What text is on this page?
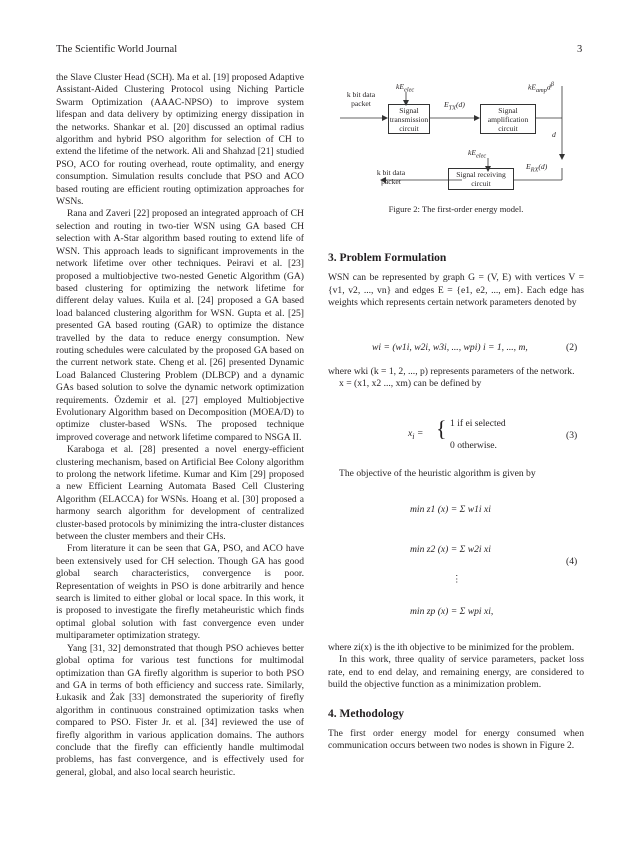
The Scientific World Journal	3

the Slave Cluster Head (SCH). Ma et al. [19] proposed Adaptive Assistant-Aided Clustering Protocol using Niching Particle Swarm Optimization (AAAC-NPSO) to improve system lifespan and data delivery by optimizing energy dissipation in the networks. Shankar et al. [20] discussed an optimal radius algorithm and hybrid PSO algorithm for selection of CH to extend the lifetime of the network. Ali and Shahzad [21] studied PSO, ACO for routing overhead, route optimality, and energy consumption. Simulation results conclude that PSO and ACO based routing are efficient routing optimization approaches for WSNs.

Rana and Zaveri [22] proposed an integrated approach of CH selection and routing in two-tier WSN using GA based CH selection with A-Star algorithm based routing to extend life of WSN. This approach leads to significant improvements in the network lifetime over other techniques. Peiravi et al. [23] proposed a multiobjective two-nested Genetic Algorithm (GA) based clustering for optimizing the network lifetime for different delay values. Kuila et al. [24] proposed a GA based load balanced clustering algorithm for WSN. Gupta et al. [25] presented GA based routing (GAR) to optimize the distance travelled by the data to reduce energy consumption. New routing schedules were calculated by the proposed GA based on the current network state. Cheng et al. [26] presented Dynamic Load Balanced Clustering Problem (DLBCP) and a dynamic GAs based solution to solve the dynamic network optimization requirements. Özdemir et al. [27] employed Multiobjective Evolutionary Algorithm based on Decomposition (MOEA/D) to optimize cluster-based WSNs. The proposed technique improved coverage and network lifetime compared to NSGA II.

Karaboga et al. [28] presented a novel energy-efficient clustering mechanism, based on Artificial Bee Colony algorithm to prolong the network lifetime. Kumar and Kim [29] proposed a new Efficient Learning Automata Based Cell Clustering Algorithm (ELACCA) for WSNs. Hoang et al. [30] proposed a harmony search algorithm for development of centralized cluster-based protocols by minimizing the intra-cluster distances between the cluster members and their CHs.

From literature it can be seen that GA, PSO, and ACO have been extensively used for CH selection. Though GA has good global search characteristics, convergence is poor. Representation of weights in PSO is done arbitrarily and hence search is limited to either global or local space. In this work, it is proposed to investigate the firefly metaheuristic which finds optimal global solution with fast convergence even under multiparameter optimization strategy.

Yang [31, 32] demonstrated that though PSO achieves better global optima for various test functions for multimodal optimization than GA firefly algorithm is superior to both PSO and GA in terms of both efficiency and success rate. Similarly, Łukasik and Żak [33] demonstrated the superiority of firefly algorithm in continuous constrained optimization tasks when compared to PSO. Fister Jr. et al. [34] reviewed the use of firefly algorithm in various application domains. The authors conclude that the firefly can efficiently handle multimodal problems, has fast convergence, and is effectively used for general, global, and also local search heuristic.

Signal transmission circuit
Signal amplification circuit
Signal receiving circuit
k bit data packet
k bit data packet
$kE_{elec}$
$kE_{elec}$
$kE_{amp}d^\beta$
$E_{TX}(d)$
$E_{RX}(d)$
d
Figure 2: The first-order energy model.
3. Problem Formulation

WSN can be represented by graph G = (V, E) with vertices V = {v1, v2, ..., vn} and edges E = {e1, e2, ..., em}. Each edge has weights which represents certain network parameters denoted by

wi = (w1i, w2i, w3i, ..., wpi) i = 1, ..., m,	(2)

where wki (k = 1, 2, ..., p) represents parameters of the network.

x = (x1, x2 ..., xm) can be defined by

$x_i$ = { 1 if ei selected
0 otherwise.
(3)

The objective of the heuristic algorithm is given by

min z1 (x) = Σ w1i xi
min z2 (x) = Σ w2i xi
⋮
min zp (x) = Σ wpi xi,
(4)

where zi(x) is the ith objective to be minimized for the problem.

In this work, three quality of service parameters, packet loss rate, end to end delay, and remaining energy, are considered to build the objective function as a minimization problem.

4. Methodology

The first order energy model for energy consumed when communication occurs between two nodes is shown in Figure 2.
